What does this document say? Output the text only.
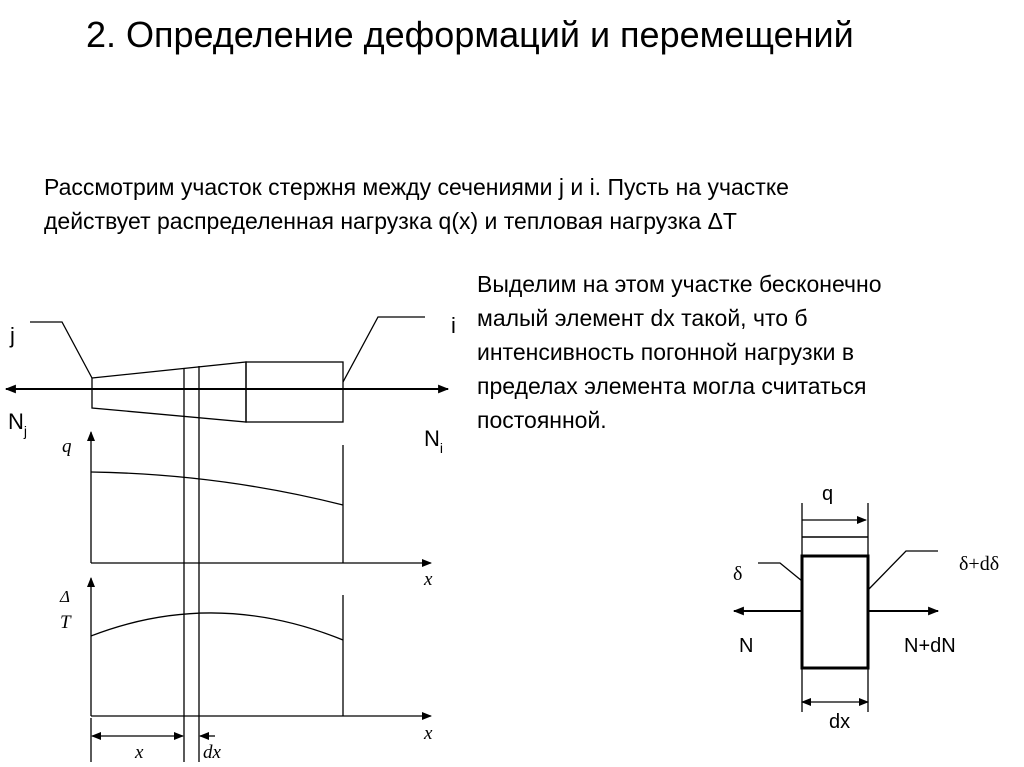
2. Определение деформаций и перемещений
Рассмотрим участок стержня между сечениями j и i. Пусть на участке
действует распределенная нагрузка q(x) и тепловая нагрузка ΔT
Выделим на этом участке бесконечно
малый элемент dx такой, что б
интенсивность погонной нагрузки в
пределах элемента могла считаться
постоянной.
j	i
$N_j$	$N_i$
q
x
Δ
T
x
x	dx
q
δ	δ+dδ
N	N+dN
dx
